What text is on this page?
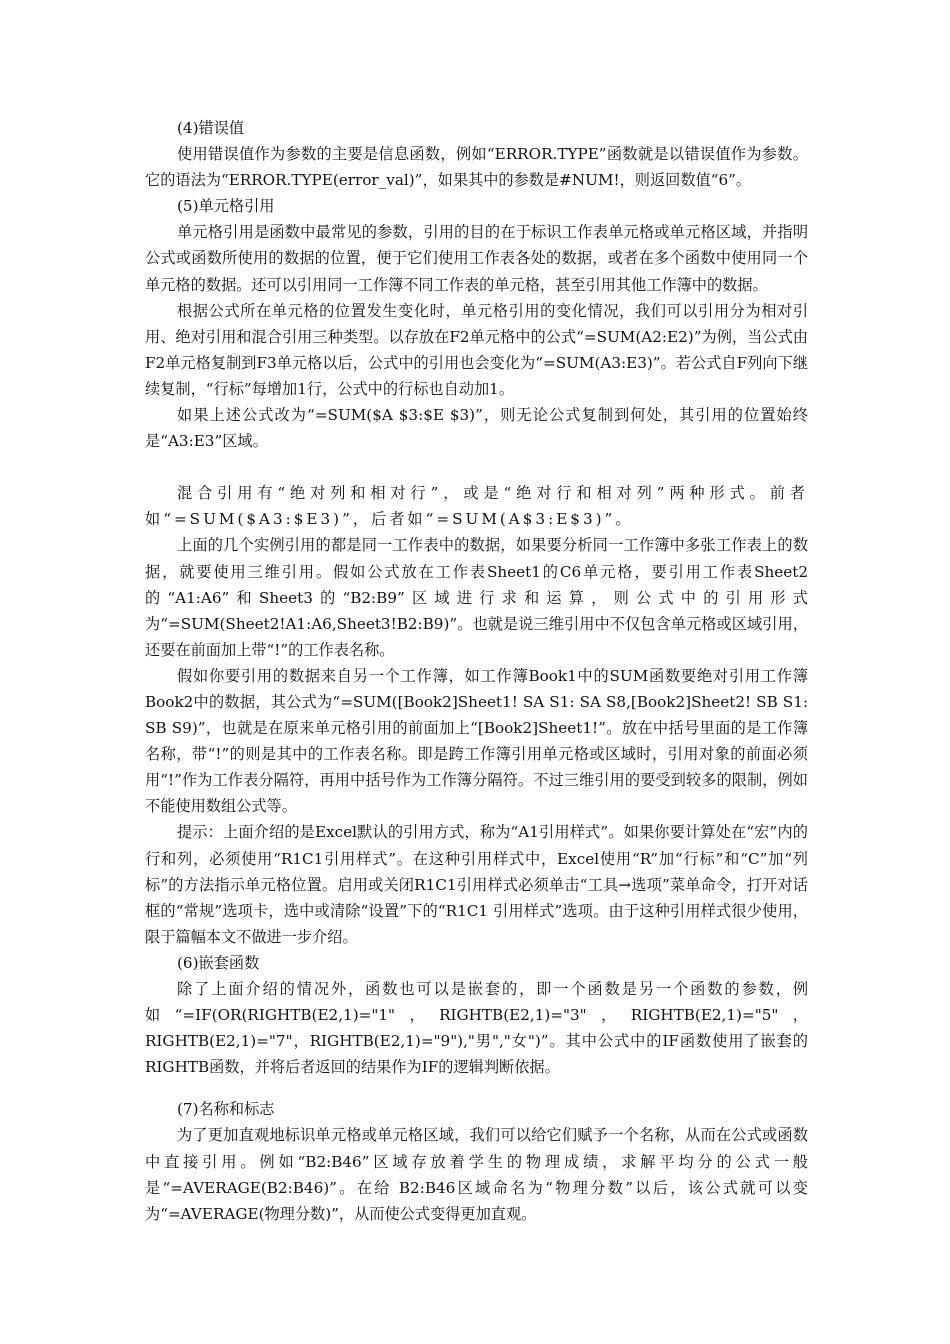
(4)错误值

使用错误值作为参数的主要是信息函数，例如“ERROR.TYPE”函数就是以错误值作为参数。它的语法为“ERROR.TYPE(error_val)”，如果其中的参数是#NUM!，则返回数值“6”。

(5)单元格引用

单元格引用是函数中最常见的参数，引用的目的在于标识工作表单元格或单元格区域，并指明公式或函数所使用的数据的位置，便于它们使用工作表各处的数据，或者在多个函数中使用同一个单元格的数据。还可以引用同一工作簿不同工作表的单元格，甚至引用其他工作簿中的数据。

根据公式所在单元格的位置发生变化时，单元格引用的变化情况，我们可以引用分为相对引用、绝对引用和混合引用三种类型。以存放在F2单元格中的公式“=SUM(A2:E2)”为例，当公式由F2单元格复制到F3单元格以后，公式中的引用也会变化为“=SUM(A3:E3)”。若公式自F列向下继续复制，“行标”每增加1行，公式中的行标也自动加1。

如果上述公式改为“=SUM($A $3:$E $3)”，则无论公式复制到何处，其引用的位置始终是“A3:E3”区域。

混合引用有“绝对列和相对行”，或是“绝对行和相对列”两种形式。前者如“=SUM($A3:$E3)”，后者如“=SUM(A$3:E$3)”。

上面的几个实例引用的都是同一工作表中的数据，如果要分析同一工作簿中多张工作表上的数据，就要使用三维引用。假如公式放在工作表Sheet1的C6单元格，要引用工作表Sheet2的“A1:A6”和Sheet3的“B2:B9”区域进行求和运算，则公式中的引用形式为“=SUM(Sheet2!A1:A6,Sheet3!B2:B9)”。也就是说三维引用中不仅包含单元格或区域引用，还要在前面加上带“!”的工作表名称。

假如你要引用的数据来自另一个工作簿，如工作簿Book1中的SUM函数要绝对引用工作簿Book2中的数据，其公式为“=SUM([Book2]Sheet1! SA S1: SA S8,[Book2]Sheet2! SB S1: SB S9)”，也就是在原来单元格引用的前面加上“[Book2]Sheet1!”。放在中括号里面的是工作簿名称，带“!”的则是其中的工作表名称。即是跨工作簿引用单元格或区域时，引用对象的前面必须用“!”作为工作表分隔符，再用中括号作为工作簿分隔符。不过三维引用的要受到较多的限制，例如不能使用数组公式等。

提示：上面介绍的是Excel默认的引用方式，称为“A1引用样式”。如果你要计算处在“宏”内的行和列，必须使用“R1C1引用样式”。在这种引用样式中，Excel使用“R”加“行标”和“C”加“列标”的方法指示单元格位置。启用或关闭R1C1引用样式必须单击“工具→选项”菜单命令，打开对话框的“常规”选项卡，选中或清除“设置”下的“R1C1 引用样式”选项。由于这种引用样式很少使用，限于篇幅本文不做进一步介绍。

(6)嵌套函数

除了上面介绍的情况外，函数也可以是嵌套的，即一个函数是另一个函数的参数，例如“=IF(OR(RIGHTB(E2,1)="1"，RIGHTB(E2,1)="3"，RIGHTB(E2,1)="5"，RIGHTB(E2,1)="7"，RIGHTB(E2,1)="9"),"男","女")”。其中公式中的IF函数使用了嵌套的RIGHTB函数，并将后者返回的结果作为IF的逻辑判断依据。

(7)名称和标志

为了更加直观地标识单元格或单元格区域，我们可以给它们赋予一个名称，从而在公式或函数中直接引用。例如“B2:B46”区域存放着学生的物理成绩，求解平均分的公式一般是“=AVERAGE(B2:B46)”。在给 B2:B46区域命名为“物理分数”以后，该公式就可以变为“=AVERAGE(物理分数)”，从而使公式变得更加直观。
